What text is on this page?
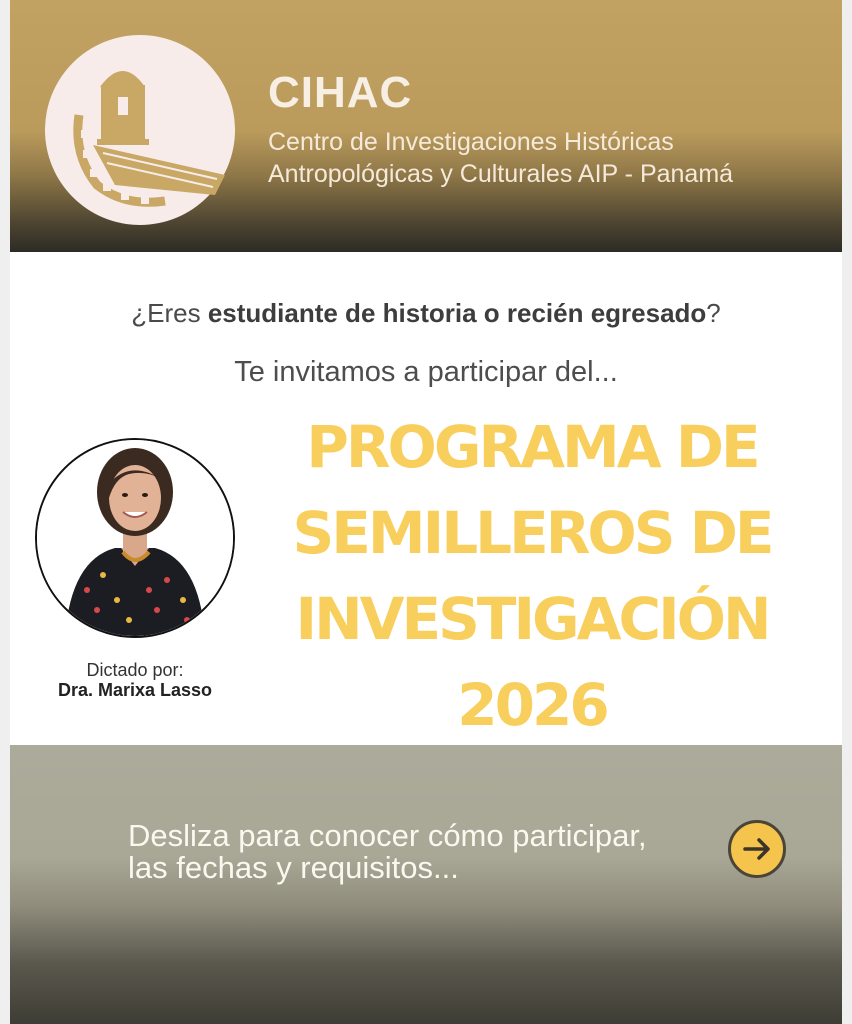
CIHAC
Centro de Investigaciones Históricas
Antropológicas y Culturales AIP - Panamá
¿Eres estudiante de historia o recién egresado?
Te invitamos a participar del...
PROGRAMA DE
SEMILLEROS DE
INVESTIGACIÓN
2026
Dictado por:
Dra. Marixa Lasso
Desliza para conocer cómo participar,
las fechas y requisitos...
